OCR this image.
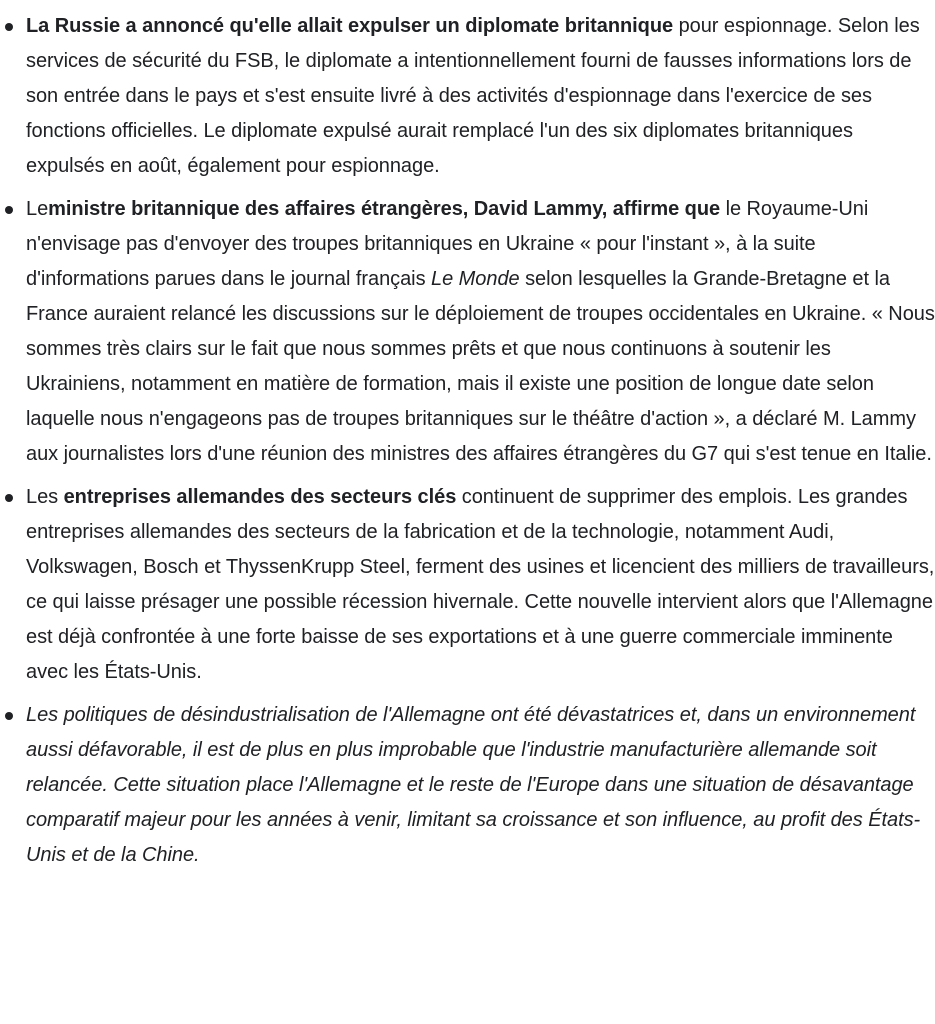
La Russie a annoncé qu'elle allait expulser un diplomate britannique pour espionnage. Selon les services de sécurité du FSB, le diplomate a intentionnellement fourni de fausses informations lors de son entrée dans le pays et s'est ensuite livré à des activités d'espionnage dans l'exercice de ses fonctions officielles. Le diplomate expulsé aurait remplacé l'un des six diplomates britanniques expulsés en août, également pour espionnage.
Leministre britannique des affaires étrangères, David Lammy, affirme que le Royaume-Uni n'envisage pas d'envoyer des troupes britanniques en Ukraine « pour l'instant », à la suite d'informations parues dans le journal français Le Monde selon lesquelles la Grande-Bretagne et la France auraient relancé les discussions sur le déploiement de troupes occidentales en Ukraine. « Nous sommes très clairs sur le fait que nous sommes prêts et que nous continuons à soutenir les Ukrainiens, notamment en matière de formation, mais il existe une position de longue date selon laquelle nous n'engageons pas de troupes britanniques sur le théâtre d'action », a déclaré M. Lammy aux journalistes lors d'une réunion des ministres des affaires étrangères du G7 qui s'est tenue en Italie.
Les entreprises allemandes des secteurs clés continuent de supprimer des emplois. Les grandes entreprises allemandes des secteurs de la fabrication et de la technologie, notamment Audi, Volkswagen, Bosch et ThyssenKrupp Steel, ferment des usines et licencient des milliers de travailleurs, ce qui laisse présager une possible récession hivernale. Cette nouvelle intervient alors que l'Allemagne est déjà confrontée à une forte baisse de ses exportations et à une guerre commerciale imminente avec les États-Unis.
Les politiques de désindustrialisation de l'Allemagne ont été dévastatrices et, dans un environnement aussi défavorable, il est de plus en plus improbable que l'industrie manufacturière allemande soit relancée. Cette situation place l'Allemagne et le reste de l'Europe dans une situation de désavantage comparatif majeur pour les années à venir, limitant sa croissance et son influence, au profit des États-Unis et de la Chine.
